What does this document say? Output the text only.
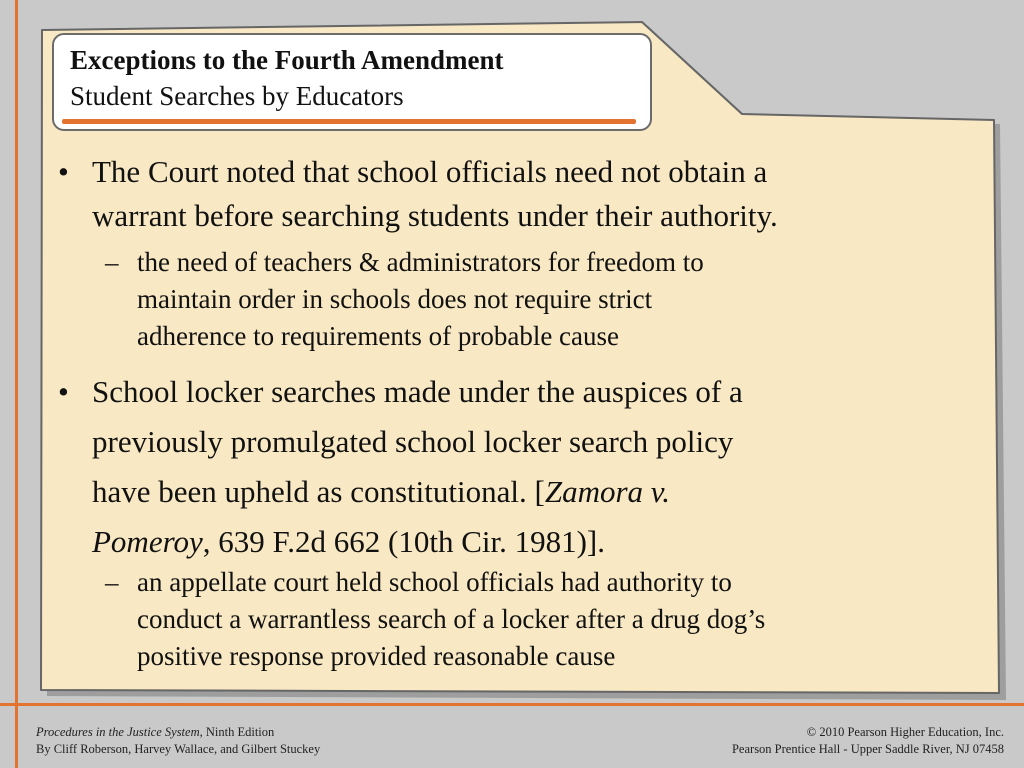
Exceptions to the Fourth Amendment
Student Searches by Educators
• The Court noted that school officials need not obtain a
warrant before searching students under their authority.
– the need of teachers & administrators for freedom to
maintain order in schools does not require strict
adherence to requirements of probable cause
• School locker searches made under the auspices of a
previously promulgated school locker search policy
have been upheld as constitutional. [Zamora v.
Pomeroy, 639 F.2d 662 (10th Cir. 1981)].
– an appellate court held school officials had authority to
conduct a warrantless search of a locker after a drug dog’s
positive response provided reasonable cause
Procedures in the Justice System, Ninth Edition
By Cliff Roberson, Harvey Wallace, and Gilbert Stuckey
© 2010 Pearson Higher Education, Inc.
Pearson Prentice Hall - Upper Saddle River, NJ 07458
